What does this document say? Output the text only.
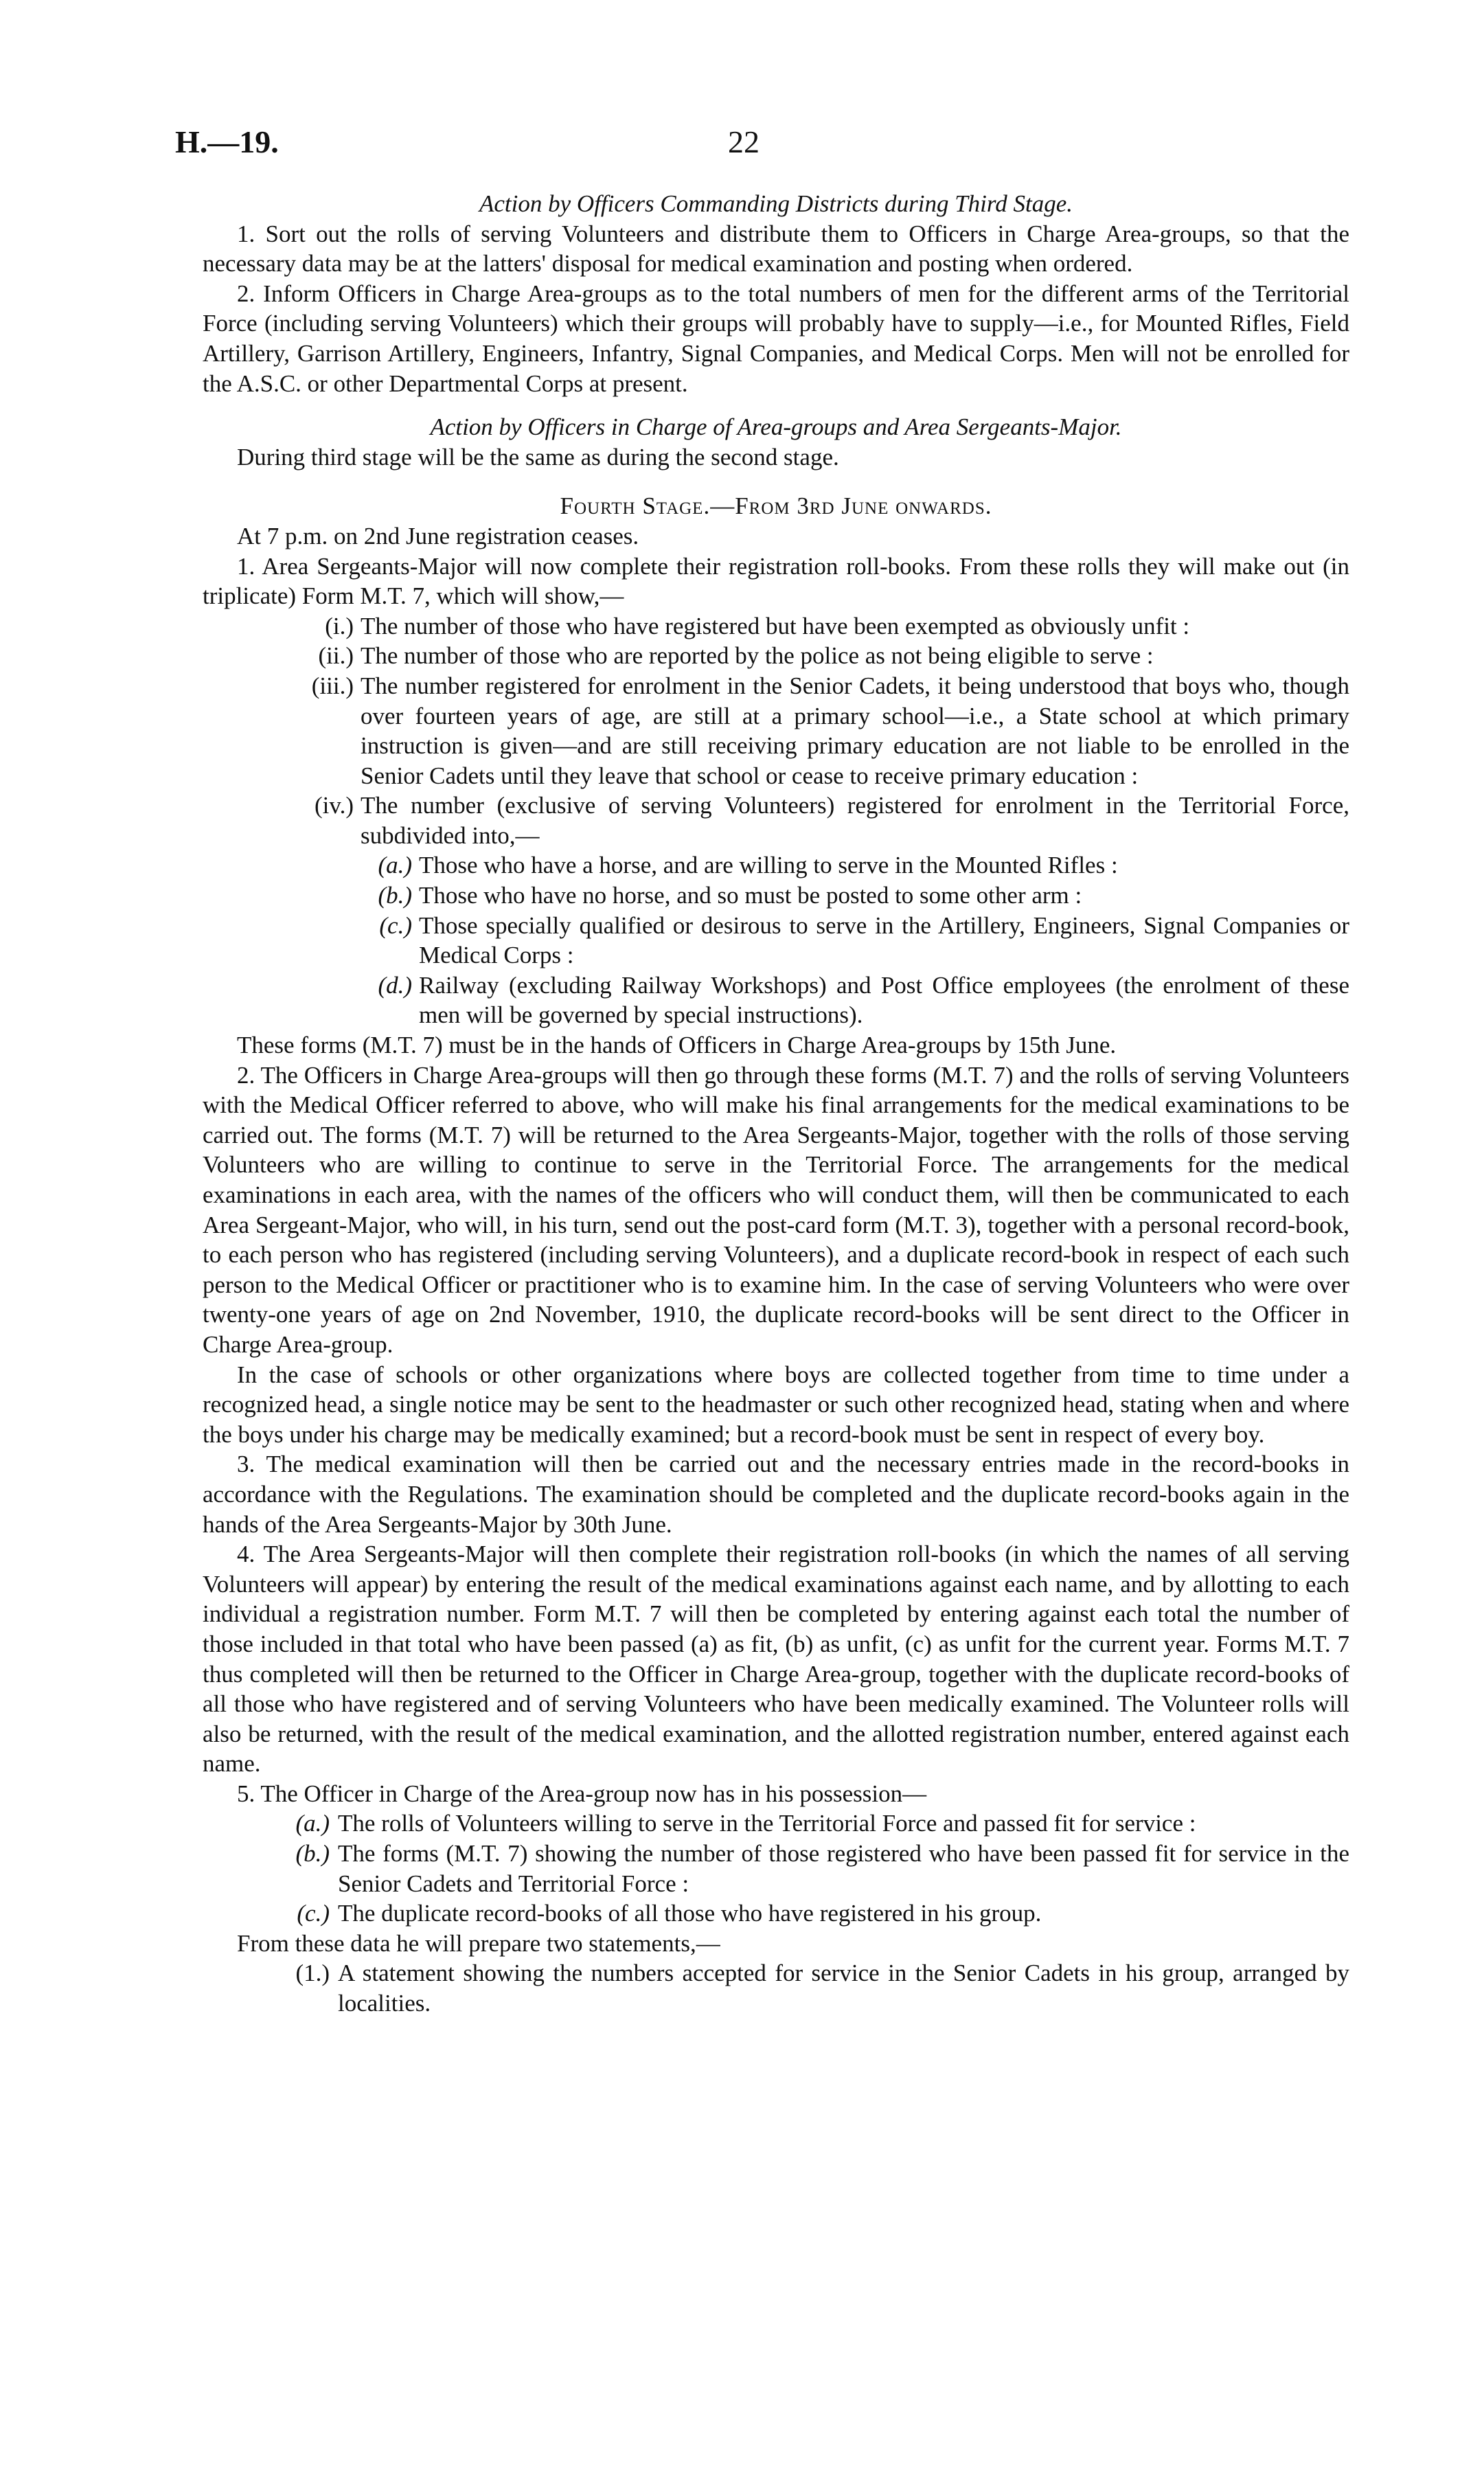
H.—19.	22

Action by Officers Commanding Districts during Third Stage.

1. Sort out the rolls of serving Volunteers and distribute them to Officers in Charge Area-groups, so that the necessary data may be at the latters' disposal for medical examination and posting when ordered.

2. Inform Officers in Charge Area-groups as to the total numbers of men for the different arms of the Territorial Force (including serving Volunteers) which their groups will probably have to supply—i.e., for Mounted Rifles, Field Artillery, Garrison Artillery, Engineers, Infantry, Signal Companies, and Medical Corps. Men will not be enrolled for the A.S.C. or other Departmental Corps at present.

Action by Officers in Charge of Area-groups and Area Sergeants-Major.

During third stage will be the same as during the second stage.

Fourth Stage.—From 3rd June onwards.

At 7 p.m. on 2nd June registration ceases.

1. Area Sergeants-Major will now complete their registration roll-books. From these rolls they will make out (in triplicate) Form M.T. 7, which will show,—

(i.) The number of those who have registered but have been exempted as obviously unfit :
(ii.) The number of those who are reported by the police as not being eligible to serve :
(iii.) The number registered for enrolment in the Senior Cadets, it being understood that boys who, though over fourteen years of age, are still at a primary school—i.e., a State school at which primary instruction is given—and are still receiving primary education are not liable to be enrolled in the Senior Cadets until they leave that school or cease to receive primary education :
(iv.) The number (exclusive of serving Volunteers) registered for enrolment in the Territorial Force, subdivided into,—
(a.) Those who have a horse, and are willing to serve in the Mounted Rifles :
(b.) Those who have no horse, and so must be posted to some other arm :
(c.) Those specially qualified or desirous to serve in the Artillery, Engineers, Signal Companies or Medical Corps :
(d.) Railway (excluding Railway Workshops) and Post Office employees (the enrolment of these men will be governed by special instructions).

These forms (M.T. 7) must be in the hands of Officers in Charge Area-groups by 15th June.

2. The Officers in Charge Area-groups will then go through these forms (M.T. 7) and the rolls of serving Volunteers with the Medical Officer referred to above, who will make his final arrangements for the medical examinations to be carried out. The forms (M.T. 7) will be returned to the Area Sergeants-Major, together with the rolls of those serving Volunteers who are willing to continue to serve in the Territorial Force. The arrangements for the medical examinations in each area, with the names of the officers who will conduct them, will then be communicated to each Area Sergeant-Major, who will, in his turn, send out the post-card form (M.T. 3), together with a personal record-book, to each person who has registered (including serving Volunteers), and a duplicate record-book in respect of each such person to the Medical Officer or practitioner who is to examine him. In the case of serving Volunteers who were over twenty-one years of age on 2nd November, 1910, the duplicate record-books will be sent direct to the Officer in Charge Area-group.

In the case of schools or other organizations where boys are collected together from time to time under a recognized head, a single notice may be sent to the headmaster or such other recognized head, stating when and where the boys under his charge may be medically examined; but a record-book must be sent in respect of every boy.

3. The medical examination will then be carried out and the necessary entries made in the record-books in accordance with the Regulations. The examination should be completed and the duplicate record-books again in the hands of the Area Sergeants-Major by 30th June.

4. The Area Sergeants-Major will then complete their registration roll-books (in which the names of all serving Volunteers will appear) by entering the result of the medical examinations against each name, and by allotting to each individual a registration number. Form M.T. 7 will then be completed by entering against each total the number of those included in that total who have been passed (a) as fit, (b) as unfit, (c) as unfit for the current year. Forms M.T. 7 thus completed will then be returned to the Officer in Charge Area-group, together with the duplicate record-books of all those who have registered and of serving Volunteers who have been medically examined. The Volunteer rolls will also be returned, with the result of the medical examination, and the allotted registration number, entered against each name.

5. The Officer in Charge of the Area-group now has in his possession—

(a.) The rolls of Volunteers willing to serve in the Territorial Force and passed fit for service :
(b.) The forms (M.T. 7) showing the number of those registered who have been passed fit for service in the Senior Cadets and Territorial Force :
(c.) The duplicate record-books of all those who have registered in his group.

From these data he will prepare two statements,—

(1.) A statement showing the numbers accepted for service in the Senior Cadets in his group, arranged by localities.
